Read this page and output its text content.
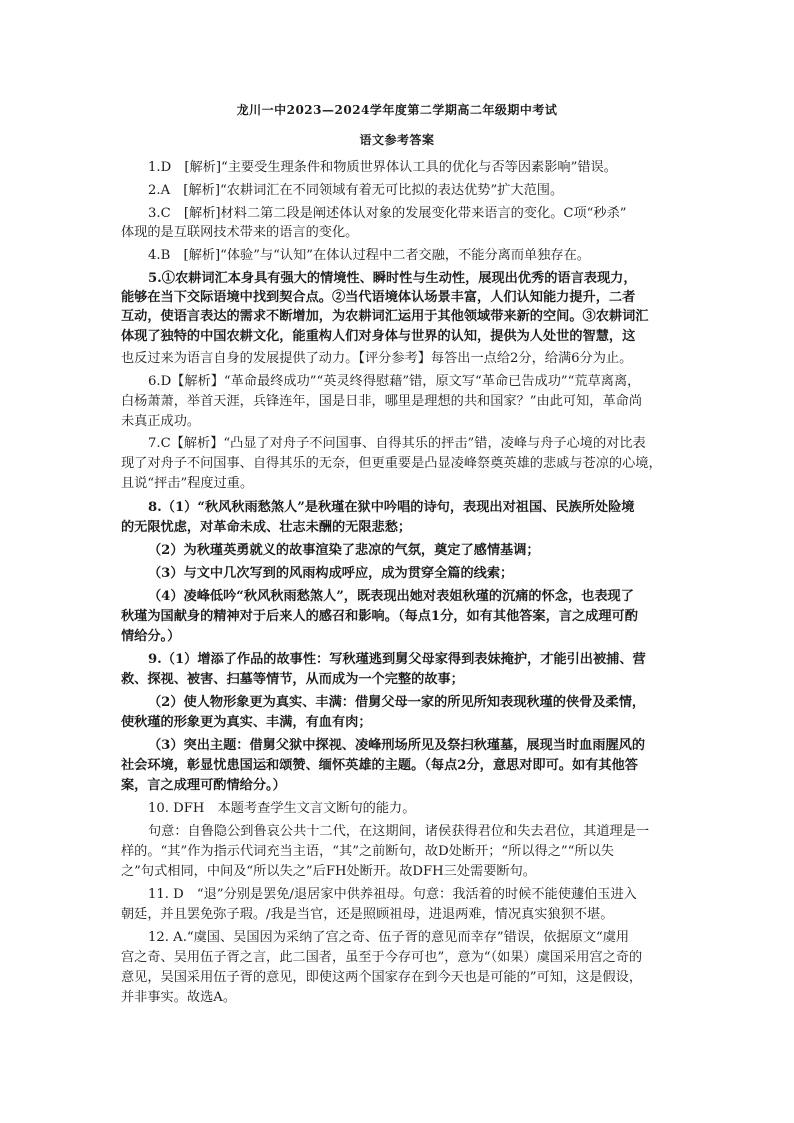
龙川一中2023—2024学年度第二学期高二年级期中考试
语文参考答案
1.D　[解析]“主要受生理条件和物质世界体认工具的优化与否等因素影响”错误。
2.A　[解析]“农耕词汇在不同领域有着无可比拟的表达优势”扩大范围。
3.C　[解析]材料二第二段是阐述体认对象的发展变化带来语言的变化。C项“秒杀”
体现的是互联网技术带来的语言的变化。
4.B　[解析]“体验”与“认知”在体认过程中二者交融，不能分离而单独存在。
5.①农耕词汇本身具有强大的情境性、瞬时性与生动性，展现出优秀的语言表现力，
能够在当下交际语境中找到契合点。②当代语境体认场景丰富，人们认知能力提升，二者
互动，使语言表达的需求不断增加，为农耕词汇运用于其他领域带来新的空间。③农耕词汇
体现了独特的中国农耕文化，能重构人们对身体与世界的认知，提供为人处世的智慧，这
也反过来为语言自身的发展提供了动力。【评分参考】每答出一点给2分，给满6分为止。
6.D【解析】“革命最终成功”“英灵终得慰藉”错，原文写“革命已告成功”“荒草离离，
白杨萧萧，举首天涯，兵锋连年，国是日非，哪里是理想的共和国家？”由此可知，革命尚
未真正成功。
7.C【解析】“凸显了对舟子不问国事、自得其乐的抨击”错，凌峰与舟子心境的对比表
现了对舟子不问国事、自得其乐的无奈，但更重要是凸显凌峰祭奠英雄的悲戚与苍凉的心境，
且说“抨击”程度过重。
8.（1）“秋风秋雨愁煞人”是秋瑾在狱中吟唱的诗句，表现出对祖国、民族所处险境
的无限忧虑，对革命未成、壮志未酬的无限悲愁；
（2）为秋瑾英勇就义的故事渲染了悲凉的气氛，奠定了感情基调；
（3）与文中几次写到的风雨构成呼应，成为贯穿全篇的线索；
（4）凌峰低吟“秋风秋雨愁煞人”，既表现出她对表姐秋瑾的沉痛的怀念，也表现了
秋瑾为国献身的精神对于后来人的感召和影响。（每点1分，如有其他答案，言之成理可酌
情给分。）
9.（1）增添了作品的故事性：写秋瑾逃到舅父母家得到表妹掩护，才能引出被捕、营
救、探视、被害、扫墓等情节，从而成为一个完整的故事；
（2）使人物形象更为真实、丰满：借舅父母一家的所见所知表现秋瑾的侠骨及柔情，
使秋瑾的形象更为真实、丰满，有血有肉；
（3）突出主题：借舅父狱中探视、凌峰刑场所见及祭扫秋瑾墓，展现当时血雨腥风的
社会环境，彰显忧患国运和颂赞、缅怀英雄的主题。（每点2分，意思对即可。如有其他答
案，言之成理可酌情给分。）
10. DFH　本题考查学生文言文断句的能力。
句意：自鲁隐公到鲁哀公共十二代，在这期间，诸侯获得君位和失去君位，其道理是一
样的。“其”作为指示代词充当主语，“其”之前断句，故D处断开；“所以得之”“所以失
之”句式相同，中间及“所以失之”后FH处断开。故DFH三处需要断句。
11. D　“退”分别是罢免/退居家中供养祖母。句意：我活着的时候不能使蘧伯玉进入
朝廷，并且罢免弥子瑕。/我是当官，还是照顾祖母，进退两难，情况真实狼狈不堪。
12. A.“虞国、吴国因为采纳了宫之奇、伍子胥的意见而幸存”错误，依据原文“虞用
宫之奇、吴用伍子胥之言，此二国者，虽至于今存可也”，意为“（如果）虞国采用宫之奇的
意见，吴国采用伍子胥的意见，即使这两个国家存在到今天也是可能的”可知，这是假设，
并非事实。故选A。
